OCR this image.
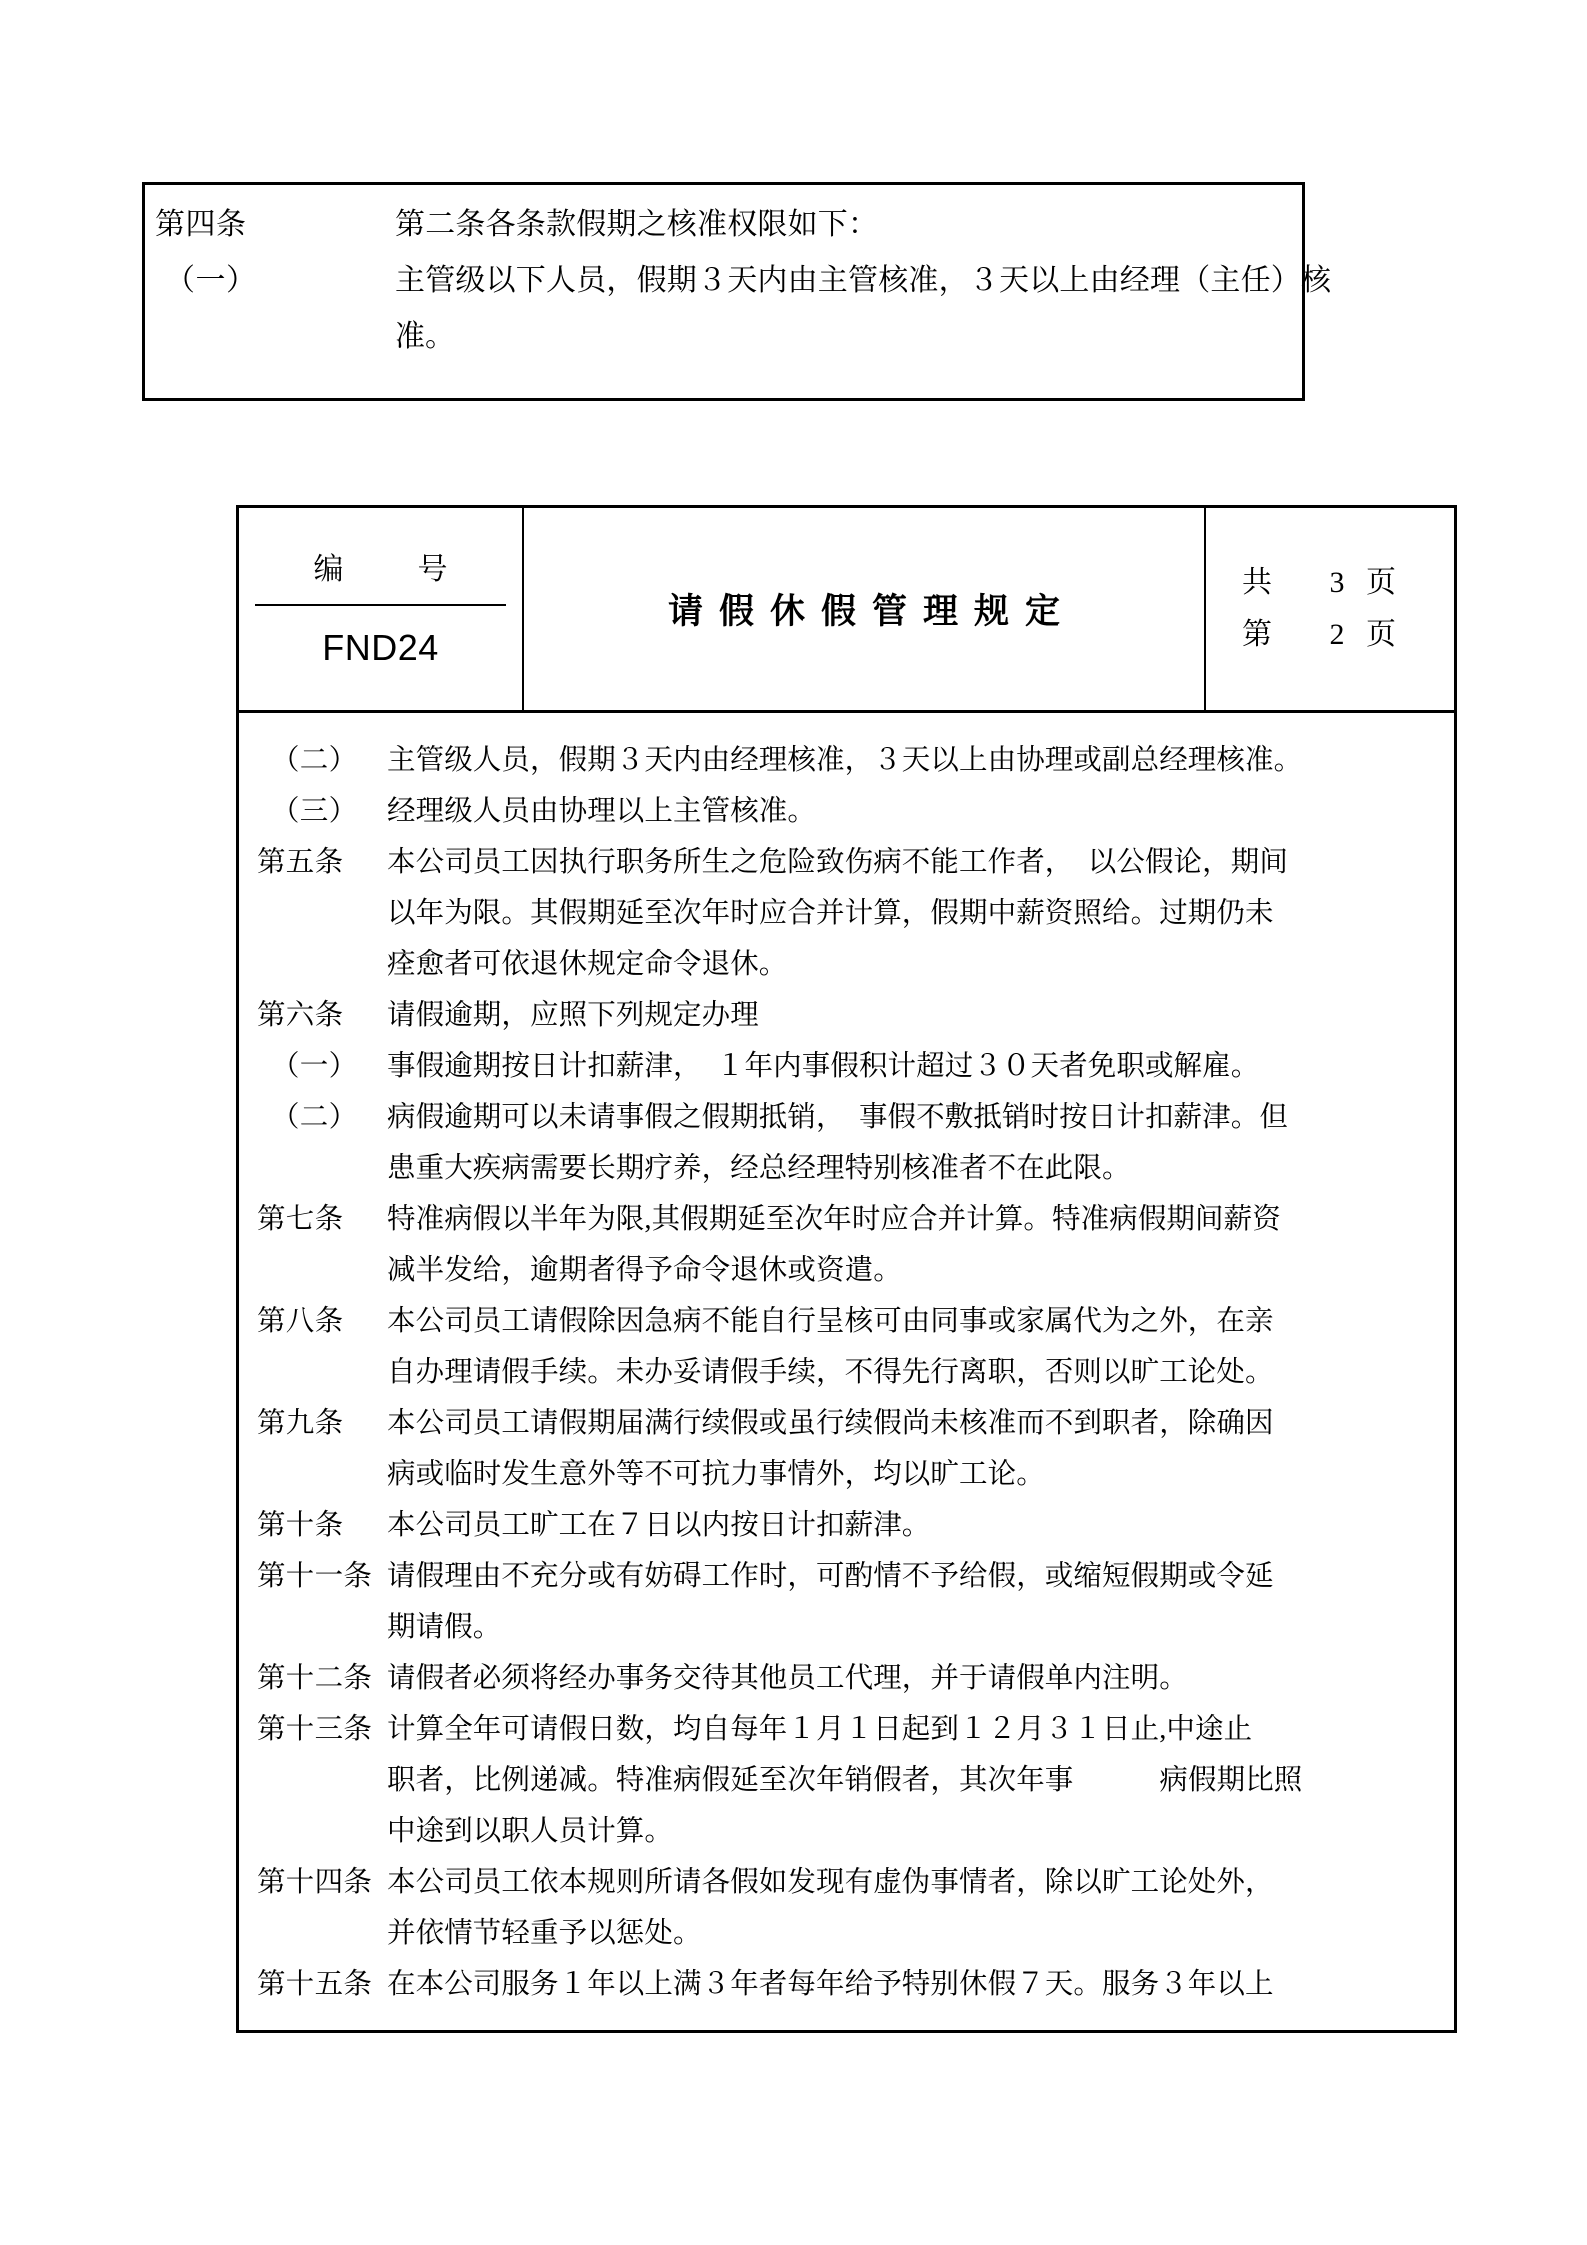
第四条	第二条各条款假期之核准权限如下：
（一）	主管级以下人员，假期３天内由主管核准，３天以上由经理（主任）核
准。
编　号
FND24
请假休假管理规定
共 3 页
第 2 页
（二）	主管级人员，假期３天内由经理核准，３天以上由协理或副总经理核准。
（三）	经理级人员由协理以上主管核准。
第五条	本公司员工因执行职务所生之危险致伤病不能工作者，　以公假论，期间
以年为限。其假期延至次年时应合并计算，假期中薪资照给。过期仍未
痊愈者可依退休规定命令退休。
第六条	请假逾期，应照下列规定办理
（一）	事假逾期按日计扣薪津，　１年内事假积计超过３０天者免职或解雇。
（二）	病假逾期可以未请事假之假期抵销，　事假不敷抵销时按日计扣薪津。但
患重大疾病需要长期疗养，经总经理特别核准者不在此限。
第七条	特准病假以半年为限,其假期延至次年时应合并计算。特准病假期间薪资
减半发给，逾期者得予命令退休或资遣。
第八条	本公司员工请假除因急病不能自行呈核可由同事或家属代为之外，在亲
自办理请假手续。未办妥请假手续，不得先行离职，否则以旷工论处。
第九条	本公司员工请假期届满行续假或虽行续假尚未核准而不到职者，除确因
病或临时发生意外等不可抗力事情外，均以旷工论。
第十条	本公司员工旷工在７日以内按日计扣薪津。
第十一条 请假理由不充分或有妨碍工作时，可酌情不予给假，或缩短假期或令延
期请假。
第十二条 请假者必须将经办事务交待其他员工代理，并于请假单内注明。
第十三条 计算全年可请假日数，均自每年１月１日起到１２月３１日止,中途止
职者，比例递减。特准病假延至次年销假者，其次年事	病假期比照
中途到以职人员计算。
第十四条 本公司员工依本规则所请各假如发现有虚伪事情者，除以旷工论处外，
并依情节轻重予以惩处。
第十五条 在本公司服务１年以上满３年者每年给予特别休假７天。服务３年以上
